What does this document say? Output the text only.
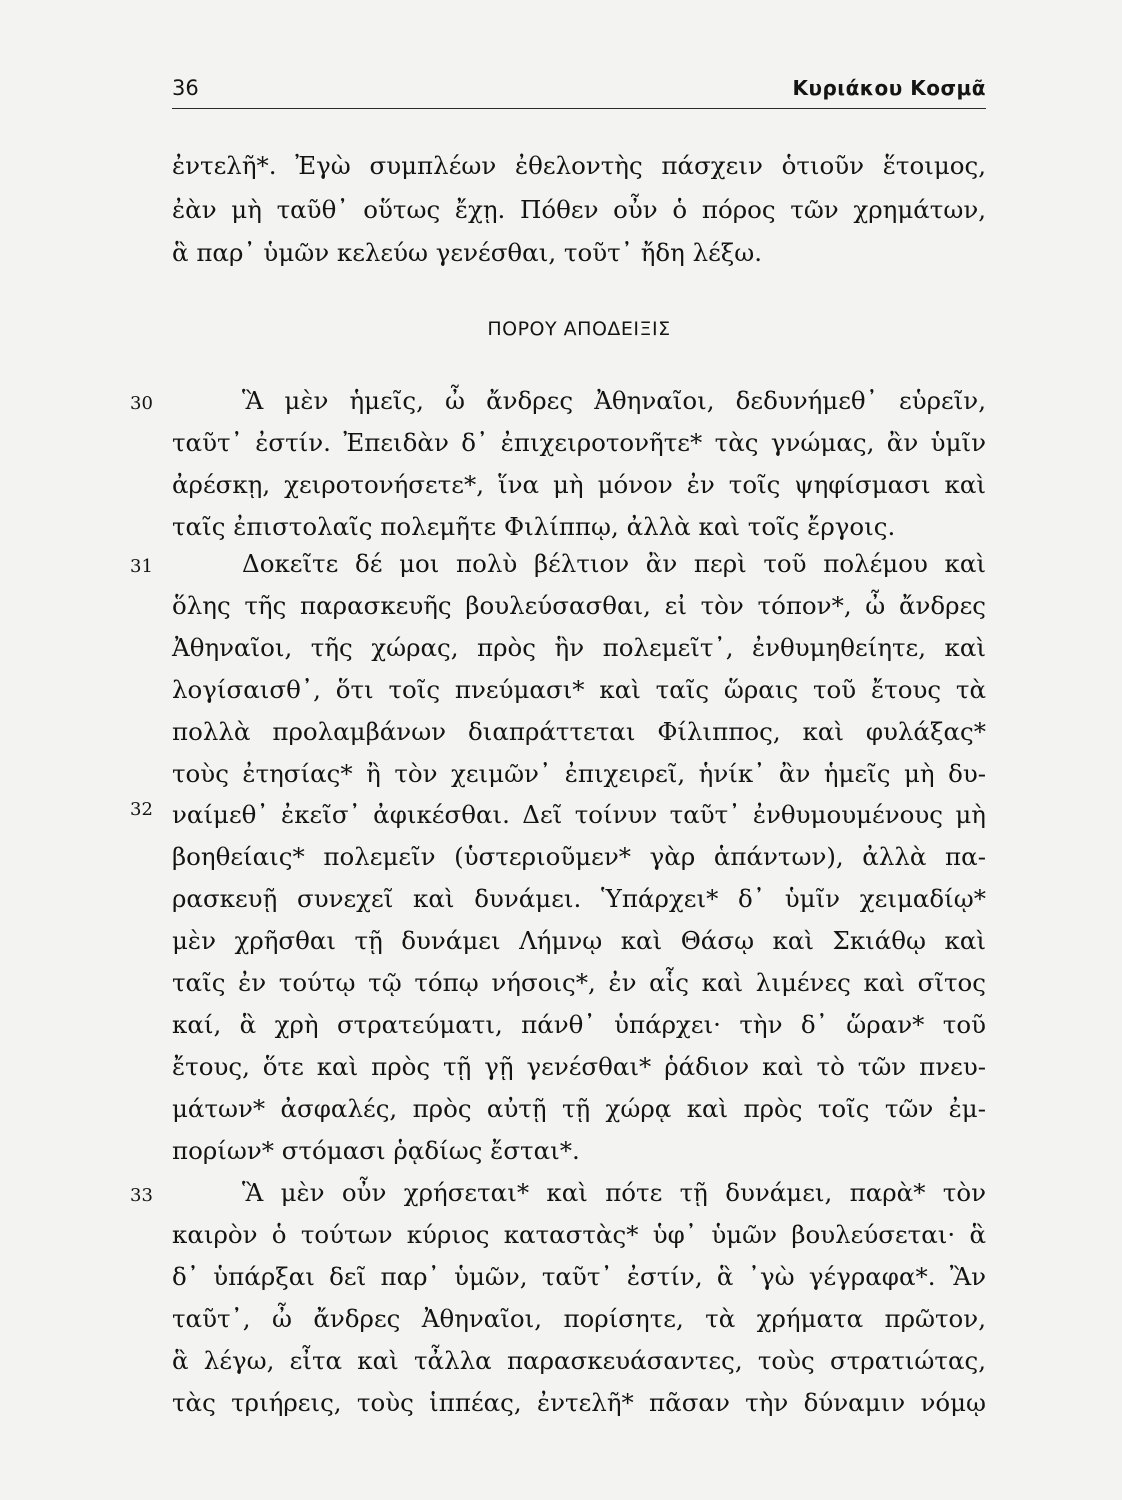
36	Κυριάκου Κοσμᾶ
ἐντελῆ*. Ἐγὼ συμπλέων ἐθελοντὴς πάσχειν ὁτιοῦν ἕτοιμος,
ἐὰν μὴ ταῦθ᾽ οὕτως ἔχῃ. Πόθεν οὖν ὁ πόρος τῶν χρημάτων,
ἃ παρ᾽ ὑμῶν κελεύω γενέσθαι, τοῦτ᾽ ἤδη λέξω.
ΠΟΡΟΥ ΑΠΟΔΕΙΞΙΣ
30	Ἃ μὲν ἡμεῖς, ὦ ἄνδρες Ἀθηναῖοι, δεδυνήμεθ᾽ εὑρεῖν,
ταῦτ᾽ ἐστίν. Ἐπειδὰν δ᾽ ἐπιχειροτονῆτε* τὰς γνώμας, ἂν ὑμῖν
ἀρέσκῃ, χειροτονήσετε*, ἵνα μὴ μόνον ἐν τοῖς ψηφίσμασι καὶ
ταῖς ἐπιστολαῖς πολεμῆτε Φιλίππῳ, ἀλλὰ καὶ τοῖς ἔργοις.
31	Δοκεῖτε δέ μοι πολὺ βέλτιον ἂν περὶ τοῦ πολέμου καὶ
ὅλης τῆς παρασκευῆς βουλεύσασθαι, εἰ τὸν τόπον*, ὦ ἄνδρες
Ἀθηναῖοι, τῆς χώρας, πρὸς ἣν πολεμεῖτ᾽, ἐνθυμηθείητε, καὶ
λογίσαισθ᾽, ὅτι τοῖς πνεύμασι* καὶ ταῖς ὥραις τοῦ ἔτους τὰ
πολλὰ προλαμβάνων διαπράττεται Φίλιππος, καὶ φυλάξας*
τοὺς ἐτησίας* ἢ τὸν χειμῶν᾽ ἐπιχειρεῖ, ἡνίκ᾽ ἂν ἡμεῖς μὴ δυ-
32 ναίμεθ᾽ ἐκεῖσ᾽ ἀφικέσθαι. Δεῖ τοίνυν ταῦτ᾽ ἐνθυμουμένους μὴ
βοηθείαις* πολεμεῖν (ὑστεριοῦμεν* γὰρ ἁπάντων), ἀλλὰ πα-
ρασκευῇ συνεχεῖ καὶ δυνάμει. Ὑπάρχει* δ᾽ ὑμῖν χειμαδίῳ*
μὲν χρῆσθαι τῇ δυνάμει Λήμνῳ καὶ Θάσῳ καὶ Σκιάθῳ καὶ
ταῖς ἐν τούτῳ τῷ τόπῳ νήσοις*, ἐν αἷς καὶ λιμένες καὶ σῖτος
καί, ἃ χρὴ στρατεύματι, πάνθ᾽ ὑπάρχει· τὴν δ᾽ ὥραν* τοῦ
ἔτους, ὅτε καὶ πρὸς τῇ γῇ γενέσθαι* ῥάδιον καὶ τὸ τῶν πνευ-
μάτων* ἀσφαλές, πρὸς αὐτῇ τῇ χώρᾳ καὶ πρὸς τοῖς τῶν ἐμ-
πορίων* στόμασι ῥᾳδίως ἔσται*.
33	Ἃ μὲν οὖν χρήσεται* καὶ πότε τῇ δυνάμει, παρὰ* τὸν
καιρὸν ὁ τούτων κύριος καταστὰς* ὑφ᾽ ὑμῶν βουλεύσεται· ἃ
δ᾽ ὑπάρξαι δεῖ παρ᾽ ὑμῶν, ταῦτ᾽ ἐστίν, ἃ ᾽γὼ γέγραφα*. Ἂν
ταῦτ᾽, ὦ ἄνδρες Ἀθηναῖοι, πορίσητε, τὰ χρήματα πρῶτον,
ἃ λέγω, εἶτα καὶ τἆλλα παρασκευάσαντες, τοὺς στρατιώτας,
τὰς τριήρεις, τοὺς ἱππέας, ἐντελῆ* πᾶσαν τὴν δύναμιν νόμῳ
